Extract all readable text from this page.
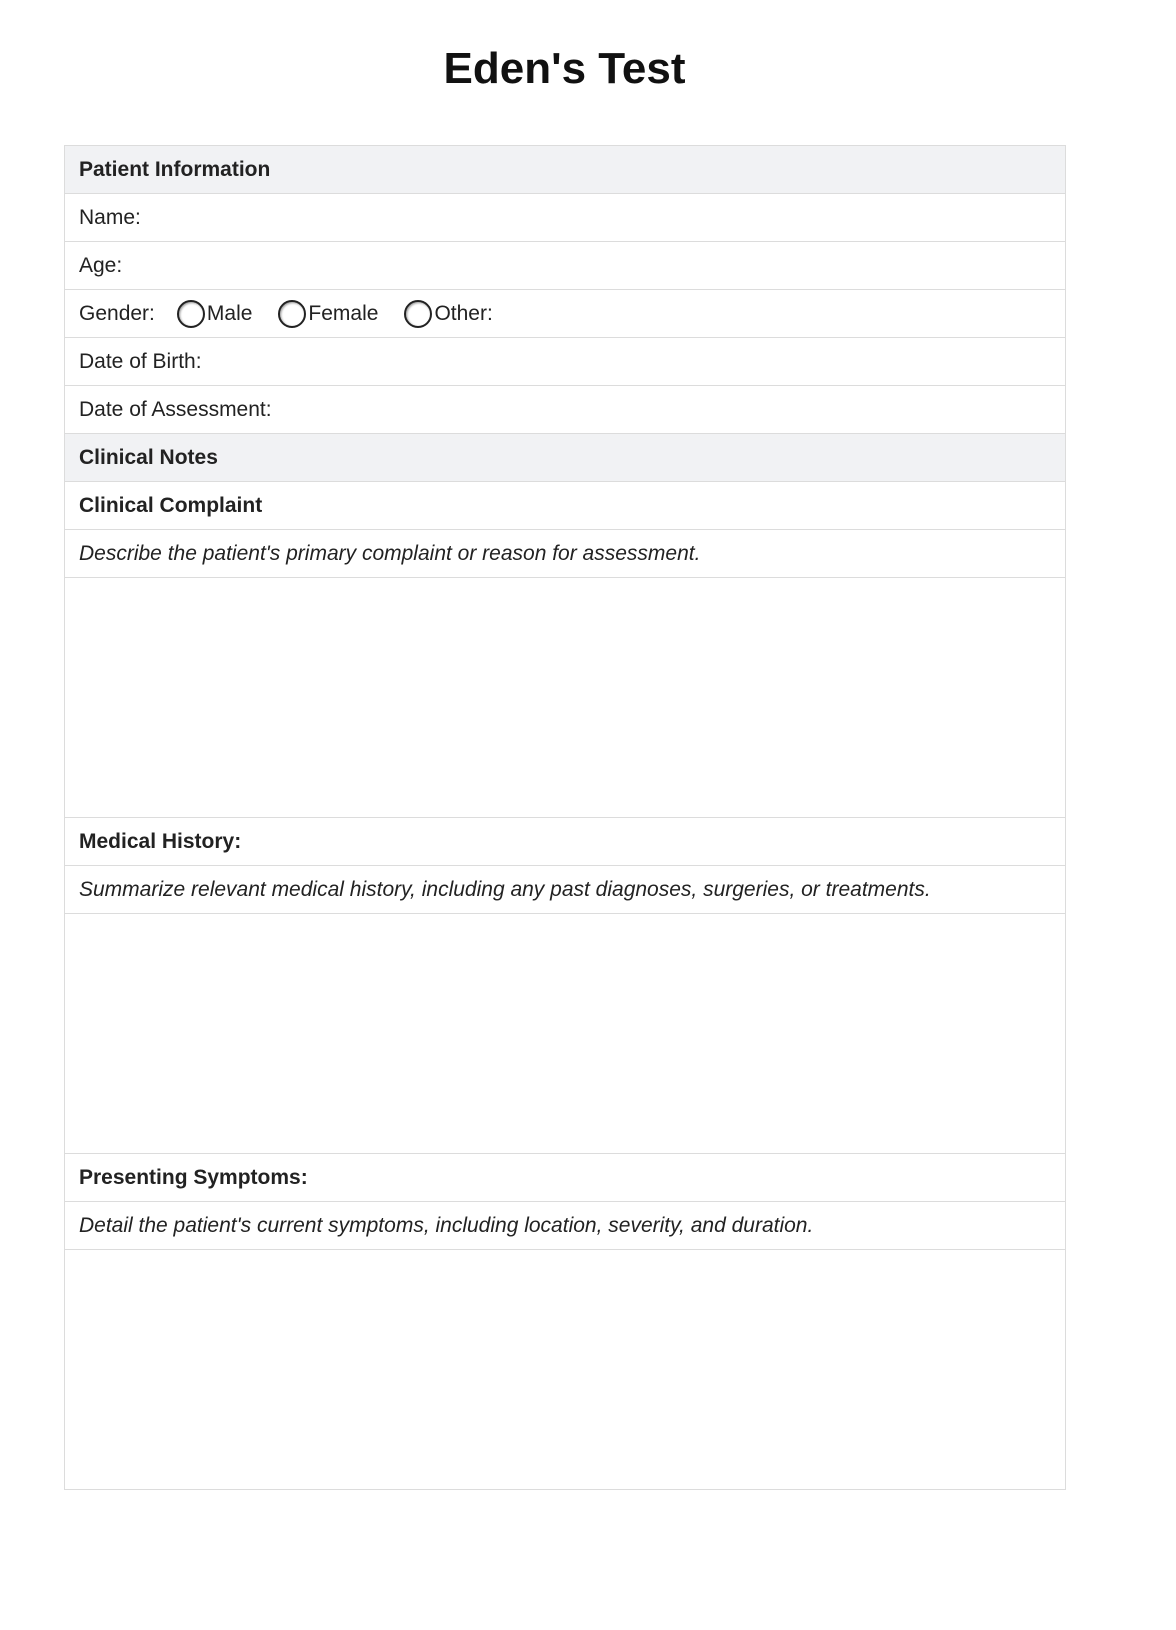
Eden's Test
Patient Information
Name:
Age:
Gender: Male	Female	Other:
Date of Birth:
Date of Assessment:
Clinical Notes
Clinical Complaint
Describe the patient's primary complaint or reason for assessment.
Medical History:
Summarize relevant medical history, including any past diagnoses, surgeries, or treatments.
Presenting Symptoms:
Detail the patient's current symptoms, including location, severity, and duration.
